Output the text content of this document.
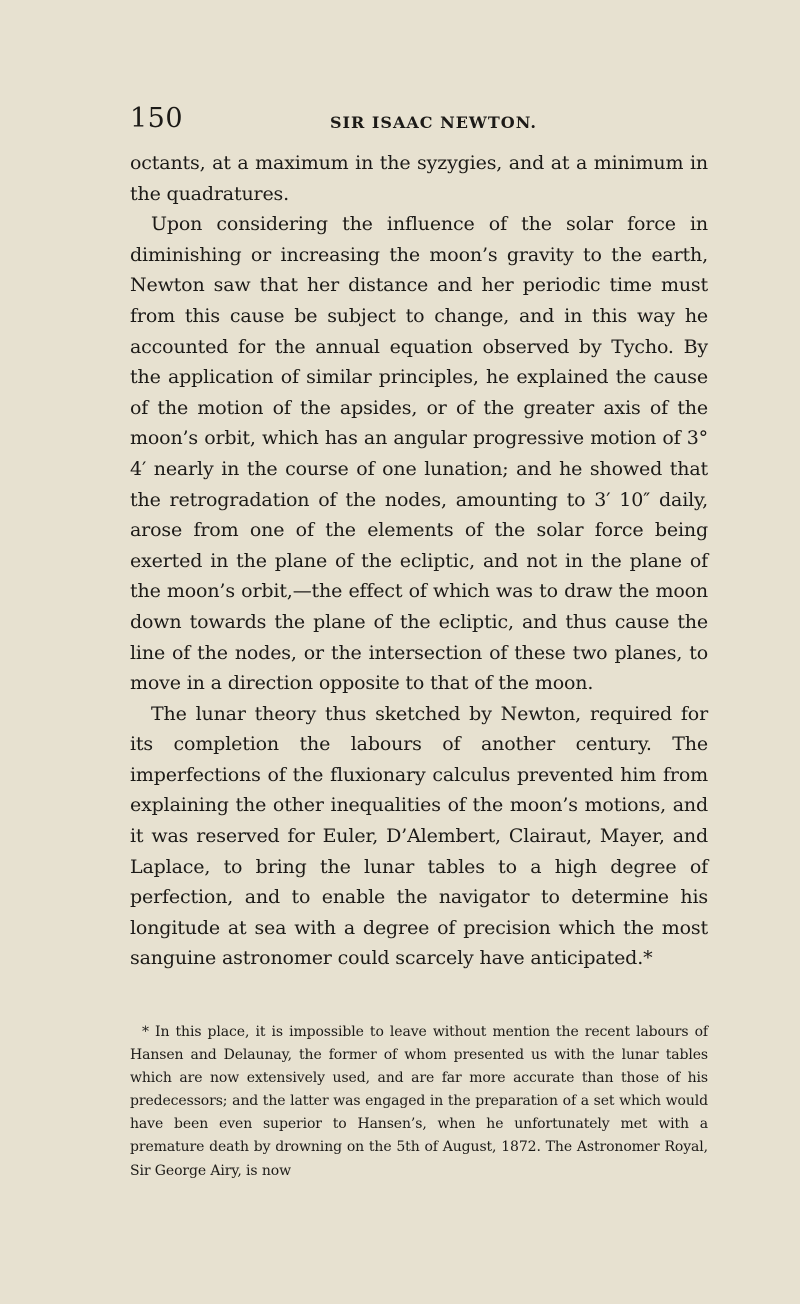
150	SIR ISAAC NEWTON.

octants, at a maximum in the syzygies, and at a minimum in the quadratures.

Upon considering the influence of the solar force in diminishing or increasing the moon’s gravity to the earth, Newton saw that her distance and her periodic time must from this cause be subject to change, and in this way he accounted for the annual equation observed by Tycho. By the application of similar principles, he explained the cause of the motion of the apsides, or of the greater axis of the moon’s orbit, which has an angular progressive motion of 3° 4′ nearly in the course of one lunation; and he showed that the retrogradation of the nodes, amounting to 3′ 10″ daily, arose from one of the elements of the solar force being exerted in the plane of the ecliptic, and not in the plane of the moon’s orbit,—the effect of which was to draw the moon down towards the plane of the ecliptic, and thus cause the line of the nodes, or the intersection of these two planes, to move in a direction opposite to that of the moon.

The lunar theory thus sketched by Newton, required for its completion the labours of another century. The imperfections of the fluxionary calculus prevented him from explaining the other inequalities of the moon’s motions, and it was reserved for Euler, D’Alembert, Clairaut, Mayer, and Laplace, to bring the lunar tables to a high degree of perfection, and to enable the navigator to determine his longitude at sea with a degree of precision which the most sanguine astronomer could scarcely have anticipated.*

* In this place, it is impossible to leave without mention the recent labours of Hansen and Delaunay, the former of whom presented us with the lunar tables which are now extensively used, and are far more accurate than those of his predecessors; and the latter was engaged in the preparation of a set which would have been even superior to Hansen’s, when he unfortunately met with a premature death by drowning on the 5th of August, 1872. The Astronomer Royal, Sir George Airy, is now
